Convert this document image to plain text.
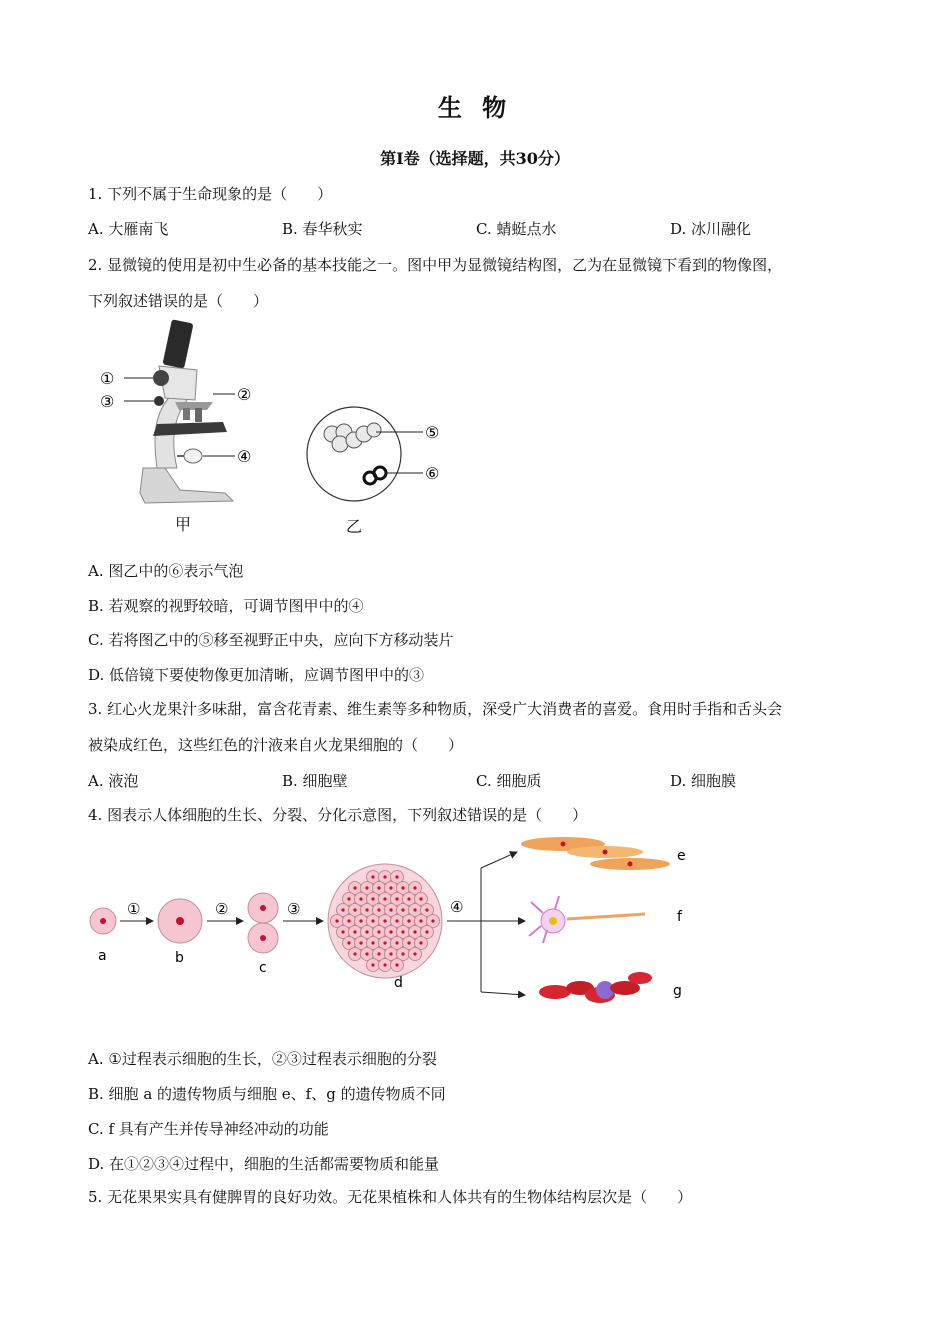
生 物
第Ⅰ卷（选择题，共30分）
1. 下列不属于生命现象的是（　　）
A. 大雁南飞	B. 春华秋实	C. 蜻蜓点水	D. 冰川融化
2. 显微镜的使用是初中生必备的基本技能之一。图中甲为显微镜结构图，乙为在显微镜下看到的物像图，
下列叙述错误的是（　　）
①
③	②
④
甲
⑤
⑥
乙
A. 图乙中的⑥表示气泡
B. 若观察的视野较暗，可调节图甲中的④
C. 若将图乙中的⑤移至视野正中央，应向下方移动装片
D. 低倍镜下要使物像更加清晰，应调节图甲中的③
3. 红心火龙果汁多味甜，富含花青素、维生素等多种物质，深受广大消费者的喜爱。食用时手指和舌头会
被染成红色，这些红色的汁液来自火龙果细胞的（　　）
A. 液泡	B. 细胞壁	C. 细胞质	D. 细胞膜
4. 图表示人体细胞的生长、分裂、分化示意图，下列叙述错误的是（　　）
①	②	③	④
a	b
c
d
e
f
g
A. ①过程表示细胞的生长，②③过程表示细胞的分裂
B. 细胞 a 的遗传物质与细胞 e、f、g 的遗传物质不同
C. f 具有产生并传导神经冲动的功能
D. 在①②③④过程中，细胞的生活都需要物质和能量
5. 无花果果实具有健脾胃的良好功效。无花果植株和人体共有的生物体结构层次是（　　）
